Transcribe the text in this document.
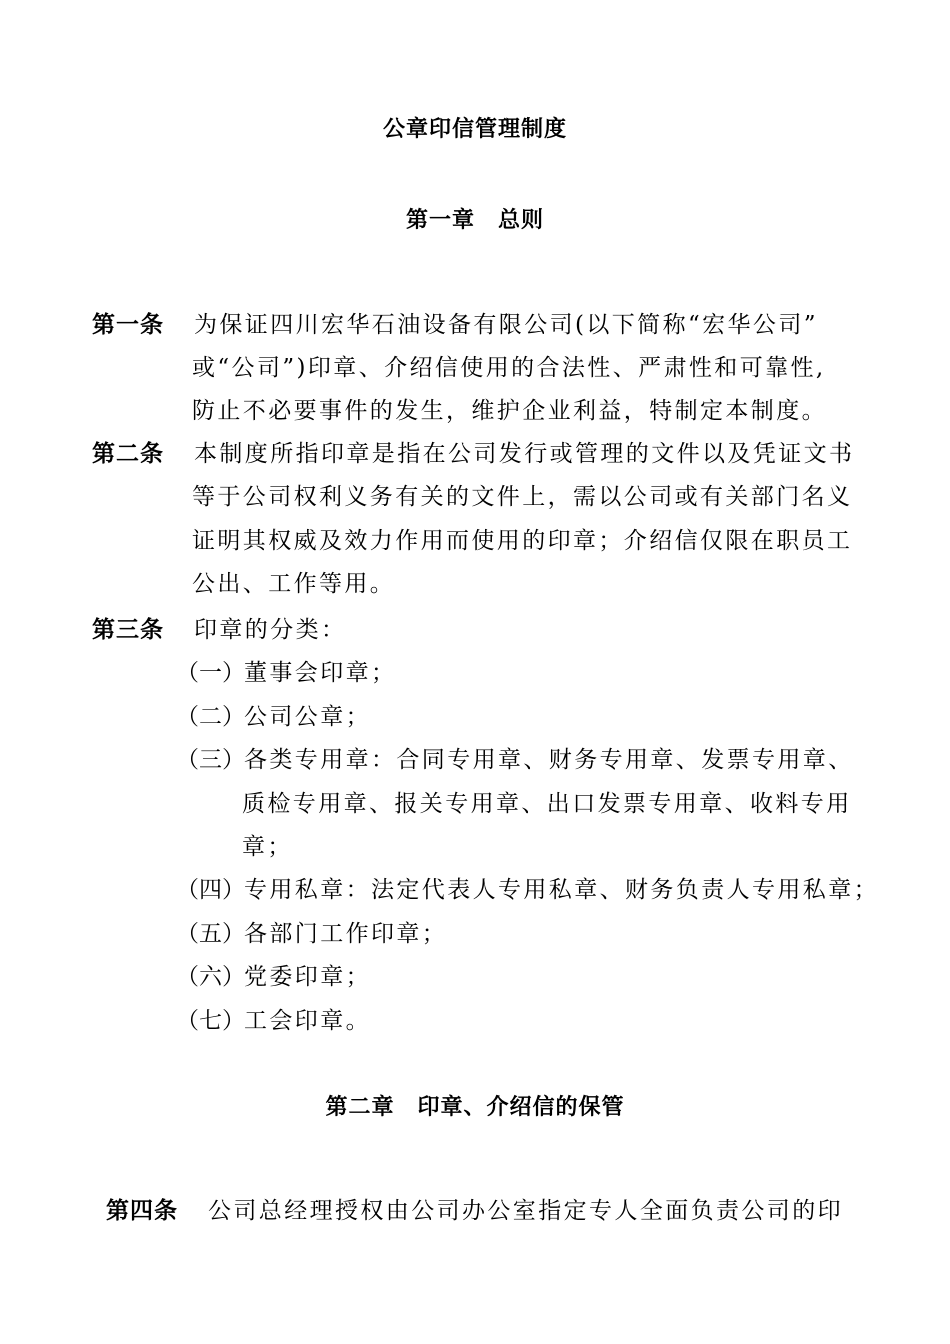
公章印信管理制度
第一章　总则
第一条 为保证四川宏华石油设备有限公司(以下简称“宏华公司”
或“公司”)印章、介绍信使用的合法性、严肃性和可靠性,
防止不必要事件的发生，维护企业利益，特制定本制度。
第二条 本制度所指印章是指在公司发行或管理的文件以及凭证文书
等于公司权利义务有关的文件上，需以公司或有关部门名义
证明其权威及效力作用而使用的印章；介绍信仅限在职员工
公出、工作等用。
第三条 印章的分类：
（一） 董事会印章；
（二） 公司公章；
（三） 各类专用章：合同专用章、财务专用章、发票专用章、
质检专用章、报关专用章、出口发票专用章、收料专用
章；
（四） 专用私章：法定代表人专用私章、财务负责人专用私章；
（五） 各部门工作印章；
（六） 党委印章；
（七） 工会印章。
第二章　印章、介绍信的保管
第四条 公司总经理授权由公司办公室指定专人全面负责公司的印
